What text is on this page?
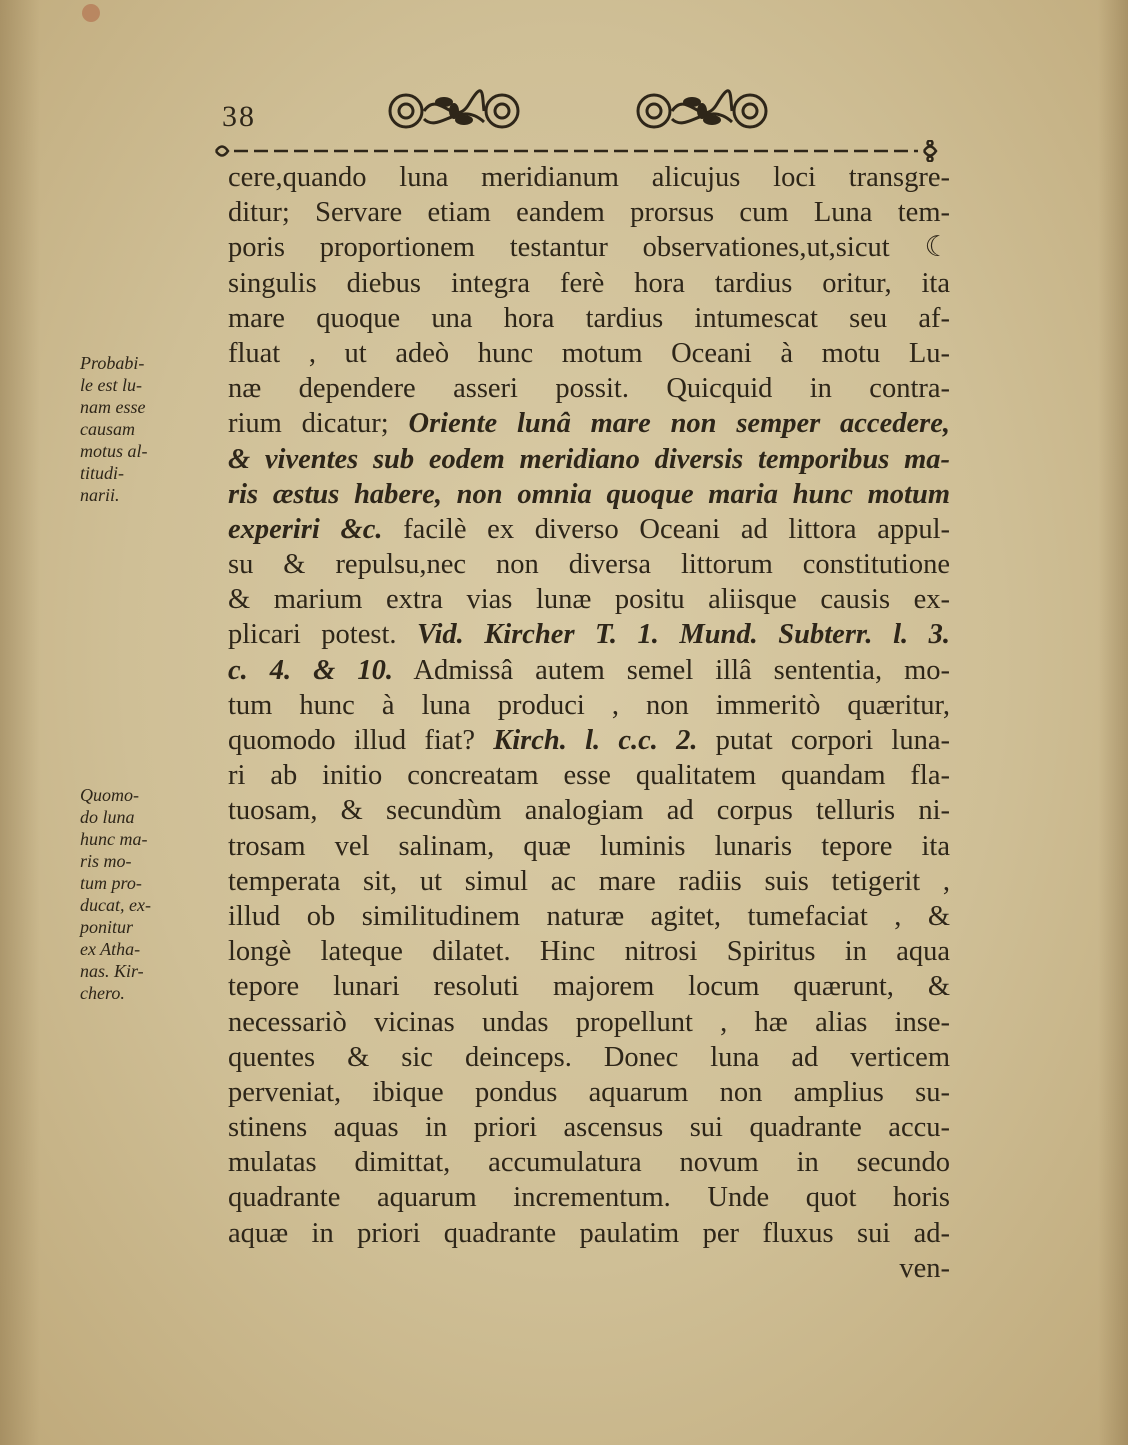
38
cere,quando luna meridianum alicujus loci transgre-
ditur; Servare etiam eandem prorsus cum Luna tem-
poris proportionem testantur observationes,ut,sicut ☾
singulis diebus integra ferè hora tardius oritur, ita
mare quoque una hora tardius intumescat seu af-
fluat , ut adeò hunc motum Oceani à motu Lu-
næ dependere asseri possit. Quicquid in contra-
rium dicatur; Oriente lunâ mare non semper accedere,
& viventes sub eodem meridiano diversis temporibus ma-
ris æstus habere, non omnia quoque maria hunc motum
experiri &c. facilè ex diverso Oceani ad littora appul-
su & repulsu,nec non diversa littorum constitutione
& marium extra vias lunæ positu aliisque causis ex-
plicari potest. Vid. Kircher T. 1. Mund. Subterr. l. 3.
c. 4. & 10. Admissâ autem semel illâ sententia, mo-
tum hunc à luna produci , non immeritò quæritur,
quomodo illud fiat? Kirch. l. c.c. 2. putat corpori luna-
ri ab initio concreatam esse qualitatem quandam fla-
tuosam, & secundùm analogiam ad corpus telluris ni-
trosam vel salinam, quæ luminis lunaris tepore ita
temperata sit, ut simul ac mare radiis suis tetigerit ,
illud ob similitudinem naturæ agitet, tumefaciat , &
longè lateque dilatet. Hinc nitrosi Spiritus in aqua
tepore lunari resoluti majorem locum quærunt, &
necessariò vicinas undas propellunt , hæ alias inse-
quentes & sic deinceps. Donec luna ad verticem
perveniat, ibique pondus aquarum non amplius su-
stinens aquas in priori ascensus sui quadrante accu-
mulatas dimittat, accumulatura novum in secundo
quadrante aquarum incrementum. Unde quot horis
aquæ in priori quadrante paulatim per fluxus sui ad-
ven-
Probabi-
le est lu-
nam esse
causam
motus al-
titudi-
narii.
Quomo-
do luna
hunc ma-
ris mo-
tum pro-
ducat, ex-
ponitur
ex Atha-
nas. Kir-
chero.
